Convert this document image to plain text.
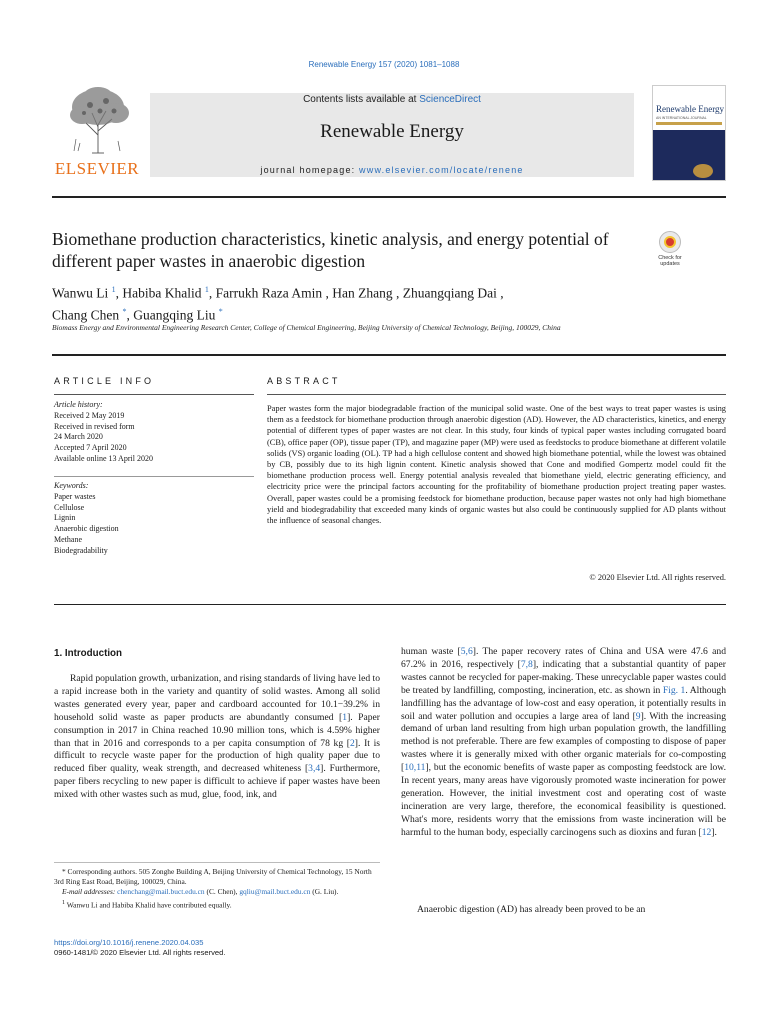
Renewable Energy 157 (2020) 1081–1088
ELSEVIER
Contents lists available at ScienceDirect
Renewable Energy
journal homepage: www.elsevier.com/locate/renene
Renewable Energy
AN INTERNATIONAL JOURNAL
Biomethane production characteristics, kinetic analysis, and energy potential of different paper wastes in anaerobic digestion	Check for
updates
Wanwu Li $^1$, Habiba Khalid $^1$, Farrukh Raza Amin , Han Zhang , Zhuangqiang Dai ,
Chang Chen *, Guangqing Liu *
Biomass Energy and Environmental Engineering Research Center, College of Chemical Engineering, Beijing University of Chemical Technology, Beijing, 100029, China
ARTICLE INFO	ABSTRACT
Article history:
Received 2 May 2019
Received in revised form
24 March 2020
Accepted 7 April 2020
Available online 13 April 2020
Keywords:
Paper wastes
Cellulose
Lignin
Anaerobic digestion
Methane
Biodegradability
Paper wastes form the major biodegradable fraction of the municipal solid waste. One of the best ways to treat paper wastes is using them as a feedstock for biomethane production through anaerobic digestion (AD). However, the AD characteristics, kinetics, and energy potential of different types of paper wastes are not clear. In this study, four kinds of typical paper wastes including corrugated board (CB), office paper (OP), tissue paper (TP), and magazine paper (MP) were used as feedstocks to produce biomethane at different volatile solids (VS) organic loading (OL). TP had a high cellulose content and showed high biomethane potential, while the lowest was obtained by CB, possibly due to its high lignin content. Kinetic analysis showed that Cone and modified Gompertz model could fit the biomethane production process well. Energy potential analysis revealed that biomethane yield, electric generating efficiency, and electricity price were the principal factors accounting for the profitability of biomethane production project treating paper wastes. Overall, paper wastes could be a promising feedstock for biomethane production, because paper wastes not only had high biomethane yield and biodegradability that exceeded many kinds of organic wastes but also could be continuously supplied for AD plants without the influence of seasonal changes.
© 2020 Elsevier Ltd. All rights reserved.
1. Introduction
Rapid population growth, urbanization, and rising standards of living have led to a rapid increase both in the variety and quantity of solid wastes. Among all solid wastes generated every year, paper and cardboard accounted for 10.1−39.2% in household solid waste as paper products are abundantly consumed [1]. Paper consumption in 2017 in China reached 10.90 million tons, which is 4.59% higher than that in 2016 and corresponds to a per capita consumption of 78 kg [2]. It is difficult to recycle waste paper for the production of high quality paper due to reduced fiber quality, weak strength, and decreased whiteness [3,4]. Furthermore, paper fibers recycling to new paper is difficult to achieve if paper wastes have been mixed with other wastes such as mud, glue, food, ink, and
human waste [5,6]. The paper recovery rates of China and USA were 47.6 and 67.2% in 2016, respectively [7,8], indicating that a substantial quantity of paper wastes cannot be recycled for paper-making. These unrecyclable paper wastes could be treated by landfilling, composting, incineration, etc. as shown in Fig. 1. Although landfilling has the advantage of low-cost and easy operation, it potentially results in soil and water pollution and occupies a large area of land [9]. With the increasing demand of urban land resulting from high urban population growth, the landfilling method is not preferable. There are few examples of composting to dispose of paper wastes where it is generally mixed with other organic materials for co-composting [10,11], but the economic benefits of waste paper as composting feedstock are low. In recent years, many areas have vigorously promoted waste incineration for power generation. However, the initial investment cost and operating cost of waste incineration are very large, therefore, the economical feasibility is questioned. What's more, residents worry that the emissions from waste incineration will be harmful to the human body, especially carcinogens such as dioxins and furan [12].
Anaerobic digestion (AD) has already been proved to be an
* Corresponding authors. 505 Zonghe Building A, Beijing University of Chemical Technology, 15 North 3rd Ring East Road, Beijing, 100029, China.
E-mail addresses: chenchang@mail.buct.edu.cn (C. Chen), gqliu@mail.buct.edu.cn (G. Liu).
$^1$ Wanwu Li and Habiba Khalid have contributed equally.
https://doi.org/10.1016/j.renene.2020.04.035
0960-1481/© 2020 Elsevier Ltd. All rights reserved.
